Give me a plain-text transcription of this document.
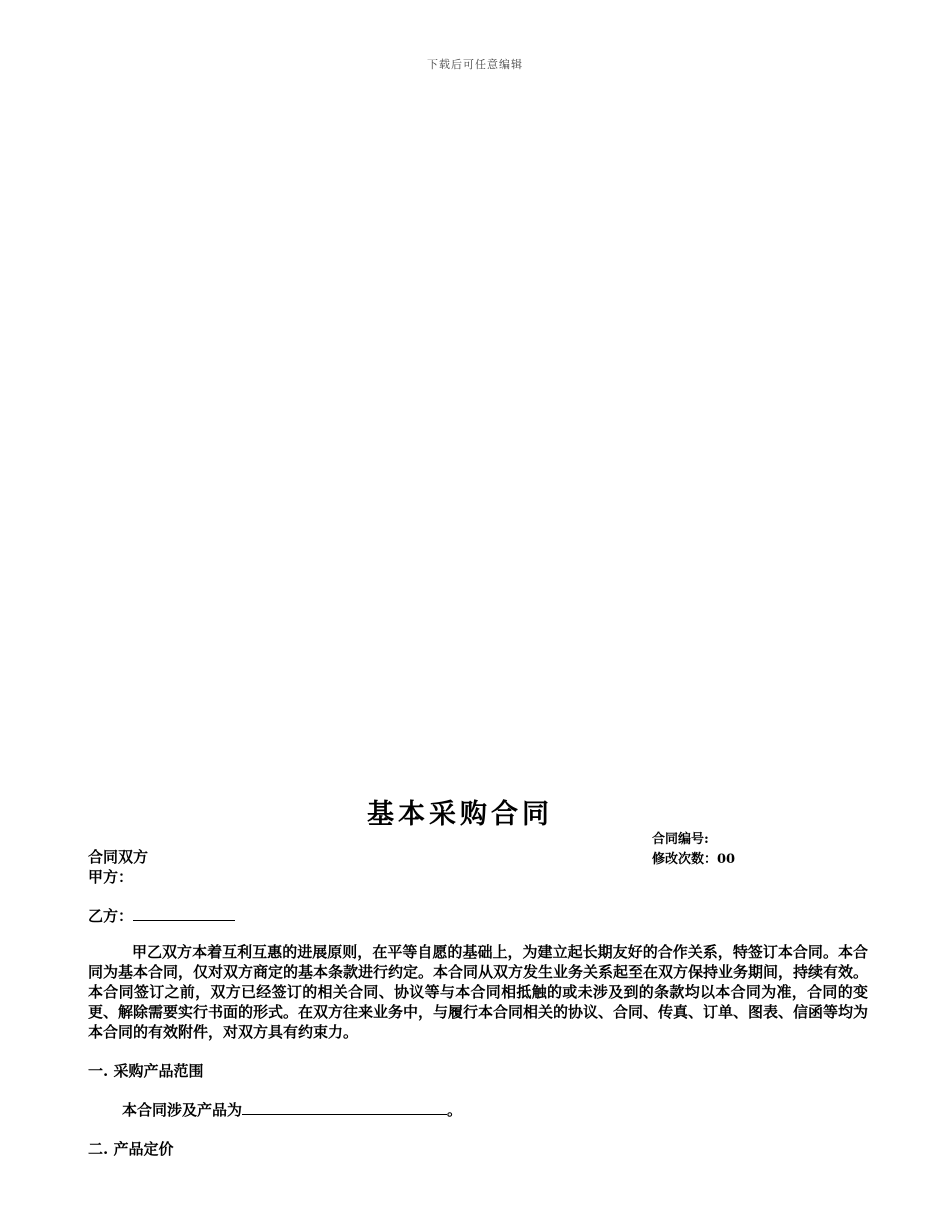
下载后可任意编辑
基本采购合同
合同编号:
修改次数：00
合同双方
甲方：
乙方：
甲乙双方本着互利互惠的进展原则，在平等自愿的基础上，为建立起长期友好的合作关系，特签订本合同。本合同为基本合同，仅对双方商定的基本条款进行约定。本合同从双方发生业务关系起至在双方保持业务期间，持续有效。本合同签订之前，双方已经签订的相关合同、协议等与本合同相抵触的或未涉及到的条款均以本合同为准，合同的变更、解除需要实行书面的形式。在双方往来业务中，与履行本合同相关的协议、合同、传真、订单、图表、信函等均为本合同的有效附件，对双方具有约束力。
一. 采购产品范围
本合同涉及产品为	。
二. 产品定价
